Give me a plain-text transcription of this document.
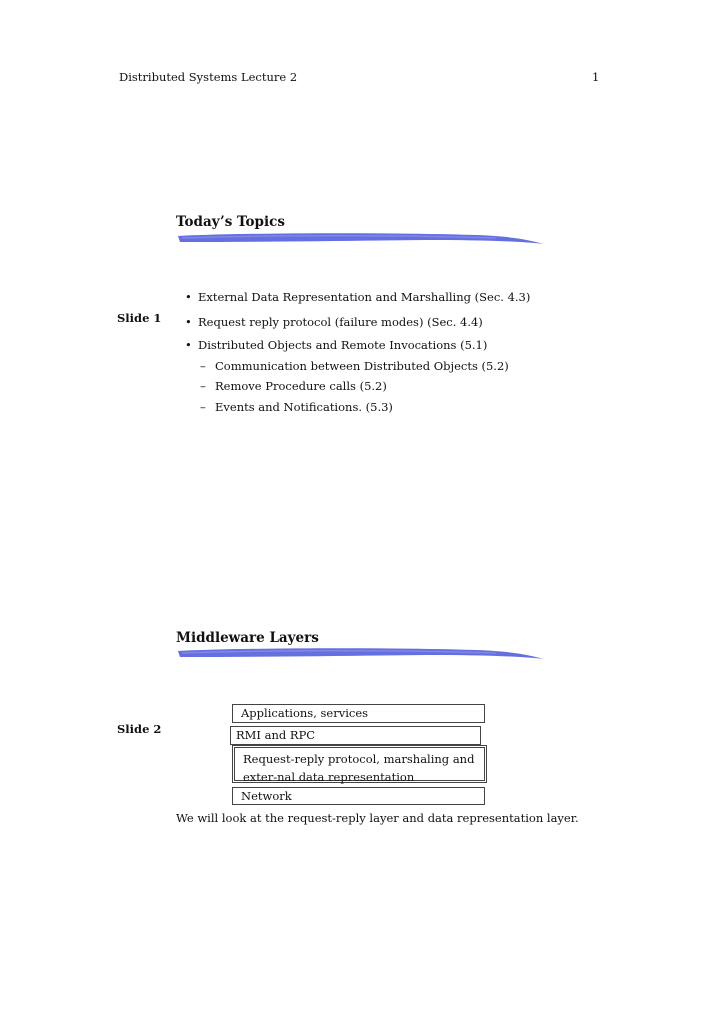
Distributed Systems Lecture 2	1
Today’s Topics
Slide 1
• External Data Representation and Marshalling (Sec. 4.3)
• Request reply protocol (failure modes) (Sec. 4.4)
• Distributed Objects and Remote Invocations (5.1)
– Communication between Distributed Objects (5.2)
– Remove Procedure calls (5.2)
– Events and Notifications. (5.3)
Middleware Layers
Slide 2
Applications, services
RMI and RPC
Request-reply protocol, marshaling and exter-nal data representation
Network
We will look at the request-reply layer and data representation layer.
